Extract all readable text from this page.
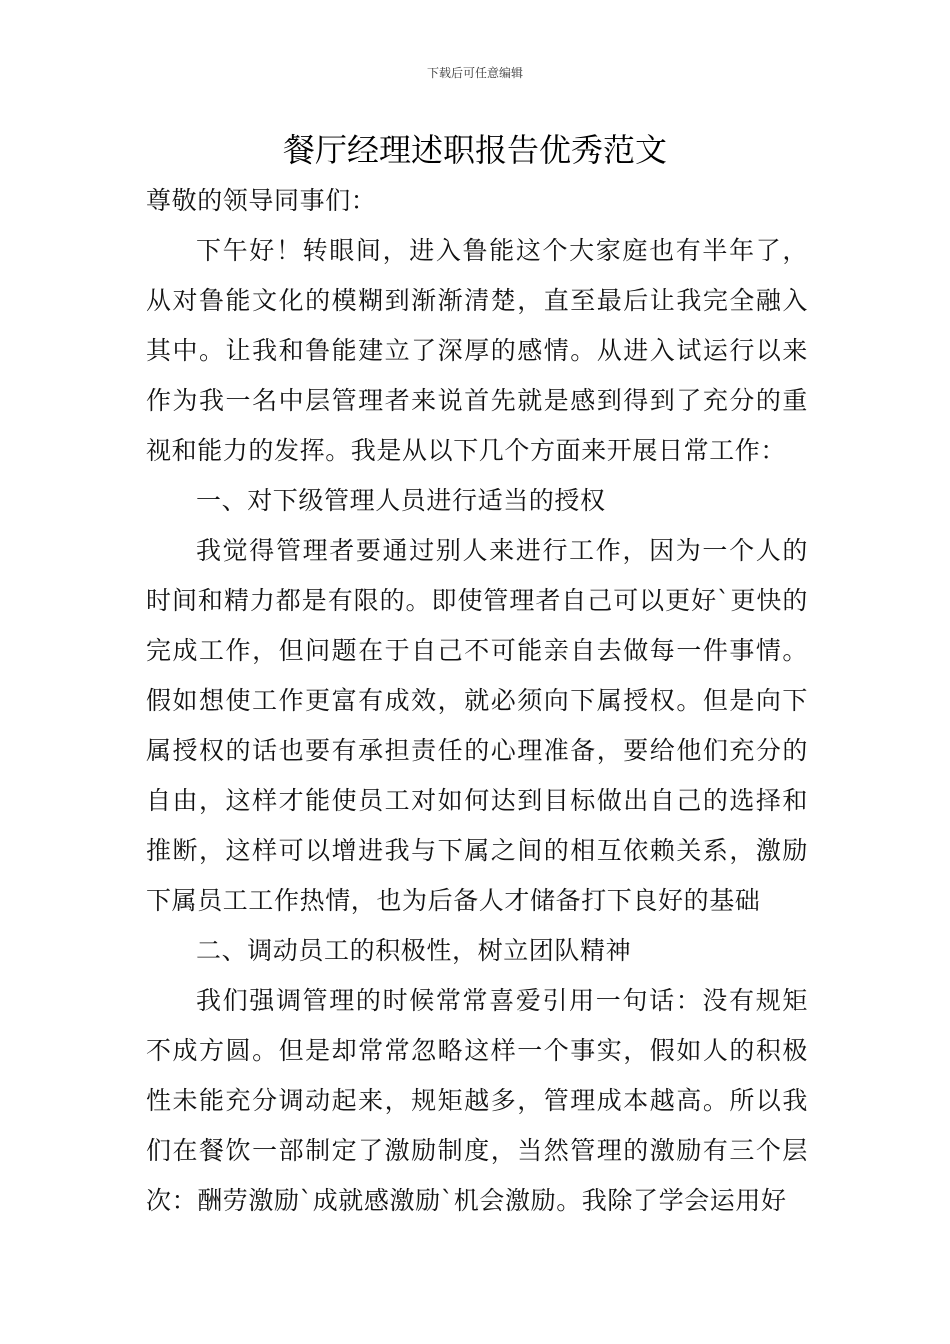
下载后可任意编辑
餐厅经理述职报告优秀范文

尊敬的领导同事们：

下午好！转眼间，进入鲁能这个大家庭也有半年了，从对鲁能文化的模糊到渐渐清楚，直至最后让我完全融入其中。让我和鲁能建立了深厚的感情。从进入试运行以来作为我一名中层管理者来说首先就是感到得到了充分的重视和能力的发挥。我是从以下几个方面来开展日常工作：

一、对下级管理人员进行适当的授权

我觉得管理者要通过别人来进行工作，因为一个人的时间和精力都是有限的。即使管理者自己可以更好`更快的完成工作，但问题在于自己不可能亲自去做每一件事情。假如想使工作更富有成效，就必须向下属授权。但是向下属授权的话也要有承担责任的心理准备，要给他们充分的自由，这样才能使员工对如何达到目标做出自己的选择和推断，这样可以增进我与下属之间的相互依赖关系，激励下属员工工作热情，也为后备人才储备打下良好的基础

二、调动员工的积极性，树立团队精神

我们强调管理的时候常常喜爱引用一句话：没有规矩不成方圆。但是却常常忽略这样一个事实，假如人的积极性未能充分调动起来，规矩越多，管理成本越高。所以我们在餐饮一部制定了激励制度，当然管理的激励有三个层次：酬劳激励`成就感激励`机会激励。我除了学会运用好
